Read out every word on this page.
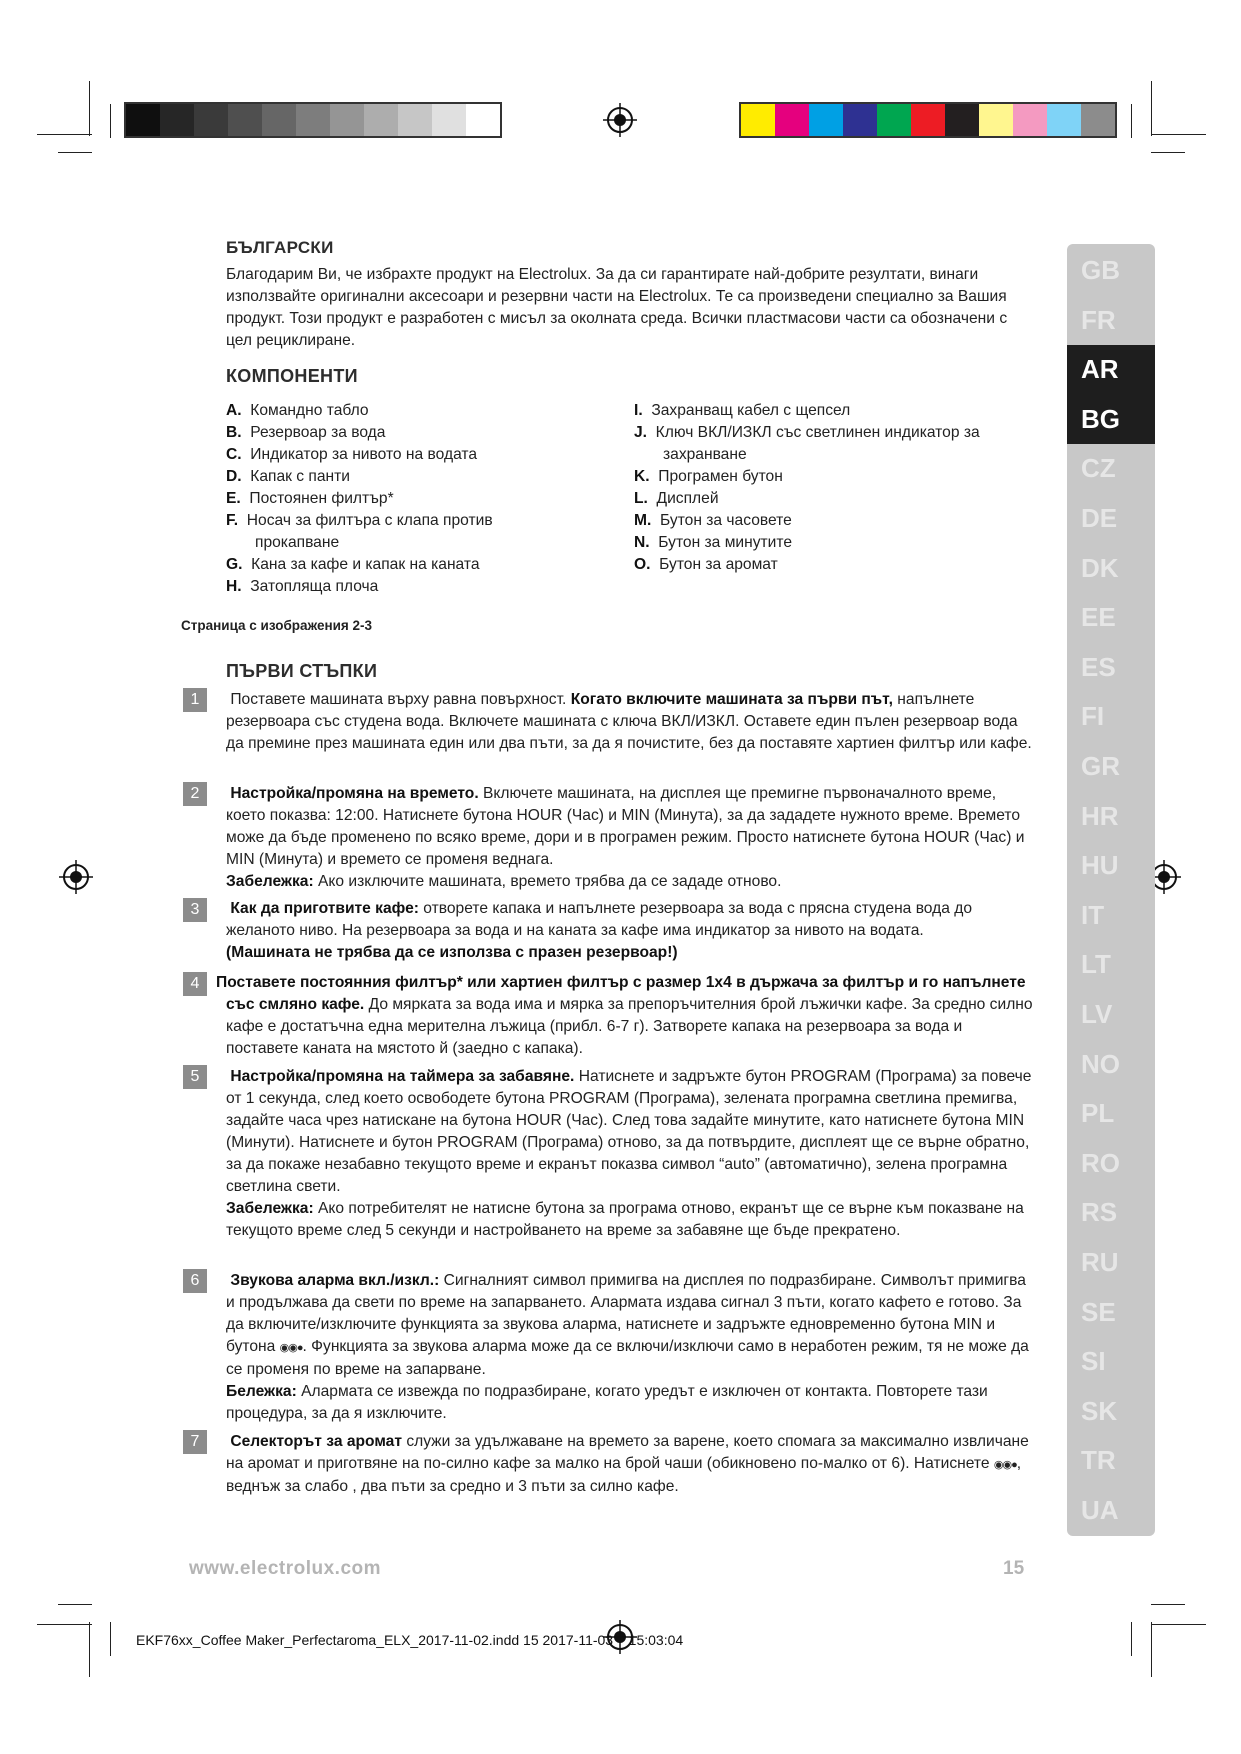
БЪЛГАРСКИ
Благодарим Ви, че избрахте продукт на Electrolux. За да си гарантирате най-добрите резултати, винаги използвайте оригинални аксесоари и резервни части на Electrolux. Те са произведени специално за Вашия продукт. Този продукт е разработен с мисъл за околната среда. Всички пластмасови части са обозначени с цел рециклиране.
КОМПОНЕНТИ
A.  Командно табло
B.  Резервоар за вода
C.  Индикатор за нивото на водата
D.  Капак с панти
E.  Постоянен филтър*
F.  Носач за филтъра с клапа против
прокапване
G.  Кана за кафе и капак на каната
H.  Затопляща плоча
I.  Захранващ кабел с щепсел
J.  Ключ ВКЛ/ИЗКЛ със светлинен индикатор за
захранване
K.  Програмен бутон
L.  Дисплей
M.  Бутон за часовете
N.  Бутон за минутите
O.  Бутон за аромат
Страница с изображения 2-3
ПЪРВИ СТЪПКИ
1	Поставете машината върху равна повърхност. Когато включите машината за първи път, напълнете резервоара със студена вода. Включете машината с ключа ВКЛ/ИЗКЛ. Оставете един пълен резервоар вода да премине през машината един или два пъти, за да я почистите, без да поставяте хартиен филтър или кафе.
2	Настройка/промяна на времето. Включете машината, на дисплея ще премигне първоначалното време, което показва: 12:00. Натиснете бутона HOUR (Час) и MIN (Минута), за да зададете нужното време. Времето може да бъде променено по всяко време, дори и в програмен режим. Просто натиснете бутона HOUR (Час) и MIN (Минута) и времето се променя веднага.
Забележка: Ако изключите машината, времето трябва да се зададе отново.
3	Как да приготвите кафе: отворете капака и напълнете резервоара за вода с прясна студена вода до желаното ниво. На резервоара за вода и на каната за кафе има индикатор за нивото на водата.
(Машината не трябва да се използва с празен резервоар!)
4	Поставете постоянния филтър* или хартиен филтър с размер 1x4 в държача за филтър и го напълнете със смляно кафе. До мярката за вода има и мярка за препоръчителния брой лъжички кафе. За средно силно кафе е достатъчна една мерителна лъжица (прибл. 6-7 г). Затворете капака на резервоара за вода и поставете каната на мястото й (заедно с капака).
5	Настройка/промяна на таймера за забавяне. Натиснете и задръжте бутон PROGRAM (Програма) за повече от 1 секунда, след което освободете бутона PROGRAM (Програма), зелената програмна светлина премигва, задайте часа чрез натискане на бутона HOUR (Час). След това задайте минутите, като натиснете бутона MIN (Минути). Натиснете и бутон PROGRAM (Програма) отново, за да потвърдите, дисплеят ще се върне обратно, за да покаже незабавно текущото време и екранът показва символ “auto” (автоматично), зелена програмна светлина свети.
Забележка: Ако потребителят не натисне бутона за програма отново, екранът ще се върне към показване на текущото време след 5 секунди и настройването на време за забавяне ще бъде прекратено.
6	Звукова аларма вкл./изкл.: Сигналният символ примигва на дисплея по подразбиране. Символът примигва и продължава да свети по време на запарването. Алармата издава сигнал 3 пъти, когато кафето е готово. За да включите/изключите функцията за звукова аларма, натиснете и задръжте едновременно бутона MIN и бутона ◉◉●. Функцията за звукова аларма може да се включи/изключи само в неработен режим, тя не може да се променя по време на запарване.
Бележка: Алармата се извежда по подразбиране, когато уредът е изключен от контакта. Повторете тази процедура, за да я изключите.
7	Селекторът за аромат служи за удължаване на времето за варене, което спомага за максимално извличане на аромат и приготвяне на по-силно кафе за малко на брой чаши (обикновено по-малко от 6). Натиснете ◉◉●, веднъж за слабо , два пъти за средно и 3 пъти за силно кафе.
GB
FR
AR
BG
CZ
DE
DK
EE
ES
FI
GR
HR
HU
IT
LT
LV
NO
PL
RO
RS
RU
SE
SI
SK
TR
UA
www.electrolux.com	15
EKF76xx_Coffee Maker_Perfectaroma_ELX_2017-11-02.indd 15 2017-11-03 15:03:04
